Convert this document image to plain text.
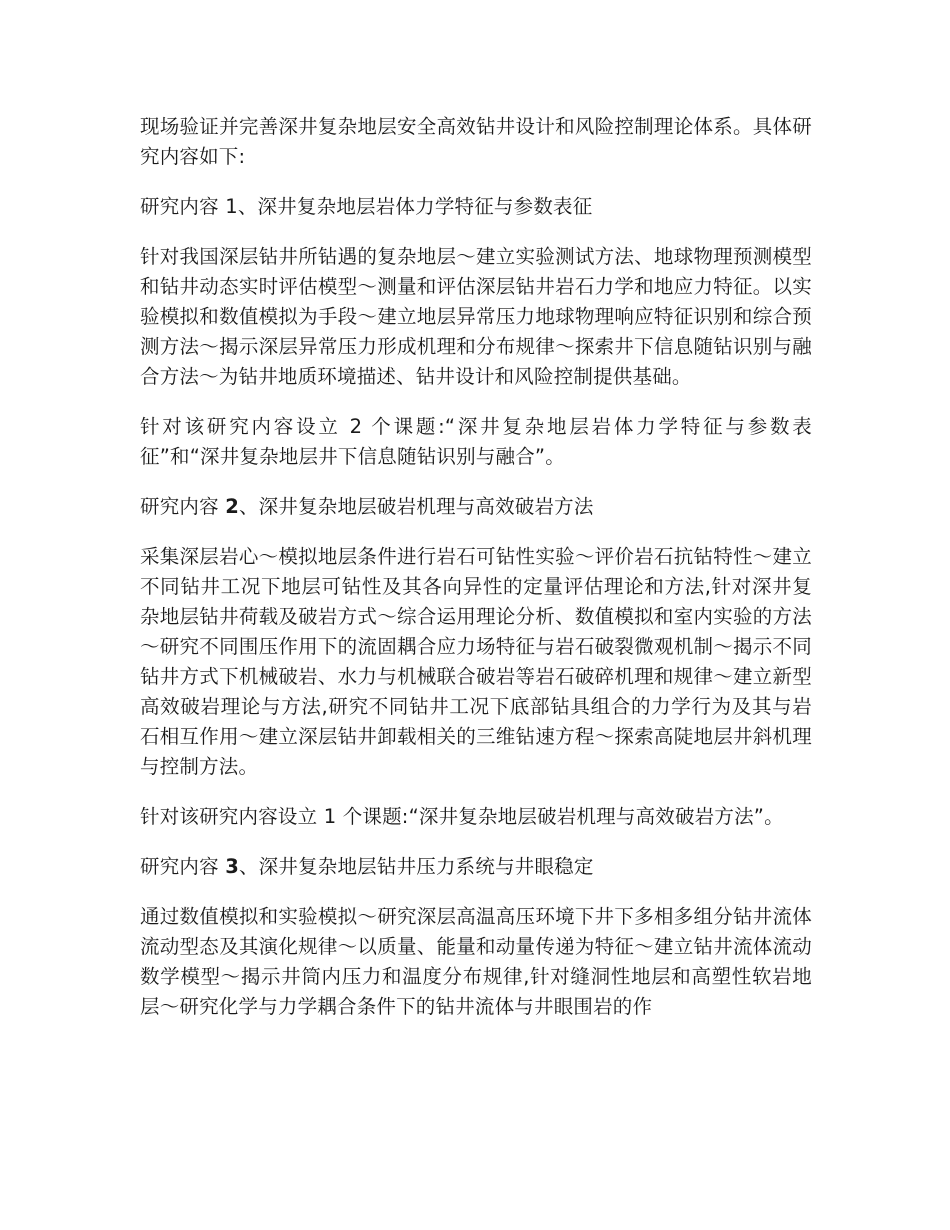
现场验证并完善深井复杂地层安全高效钻井设计和风险控制理论体系。具体研究内容如下:

研究内容 1、深井复杂地层岩体力学特征与参数表征

针对我国深层钻井所钻遇的复杂地层～建立实验测试方法、地球物理预测模型和钻井动态实时评估模型～测量和评估深层钻井岩石力学和地应力特征。以实验模拟和数值模拟为手段～建立地层异常压力地球物理响应特征识别和综合预测方法～揭示深层异常压力形成机理和分布规律～探索井下信息随钻识别与融合方法～为钻井地质环境描述、钻井设计和风险控制提供基础。

针对该研究内容设立 2 个课题:“深井复杂地层岩体力学特征与参数表征”和“深井复杂地层井下信息随钻识别与融合”。

研究内容 2、深井复杂地层破岩机理与高效破岩方法

采集深层岩心～模拟地层条件进行岩石可钻性实验～评价岩石抗钻特性～建立不同钻井工况下地层可钻性及其各向异性的定量评估理论和方法,针对深井复杂地层钻井荷载及破岩方式～综合运用理论分析、数值模拟和室内实验的方法～研究不同围压作用下的流固耦合应力场特征与岩石破裂微观机制～揭示不同钻井方式下机械破岩、水力与机械联合破岩等岩石破碎机理和规律～建立新型高效破岩理论与方法,研究不同钻井工况下底部钻具组合的力学行为及其与岩石相互作用～建立深层钻井卸载相关的三维钻速方程～探索高陡地层井斜机理与控制方法。

针对该研究内容设立 1 个课题:“深井复杂地层破岩机理与高效破岩方法”。

研究内容 3、深井复杂地层钻井压力系统与井眼稳定

通过数值模拟和实验模拟～研究深层高温高压环境下井下多相多组分钻井流体流动型态及其演化规律～以质量、能量和动量传递为特征～建立钻井流体流动数学模型～揭示井筒内压力和温度分布规律,针对缝洞性地层和高塑性软岩地层～研究化学与力学耦合条件下的钻井流体与井眼围岩的作
